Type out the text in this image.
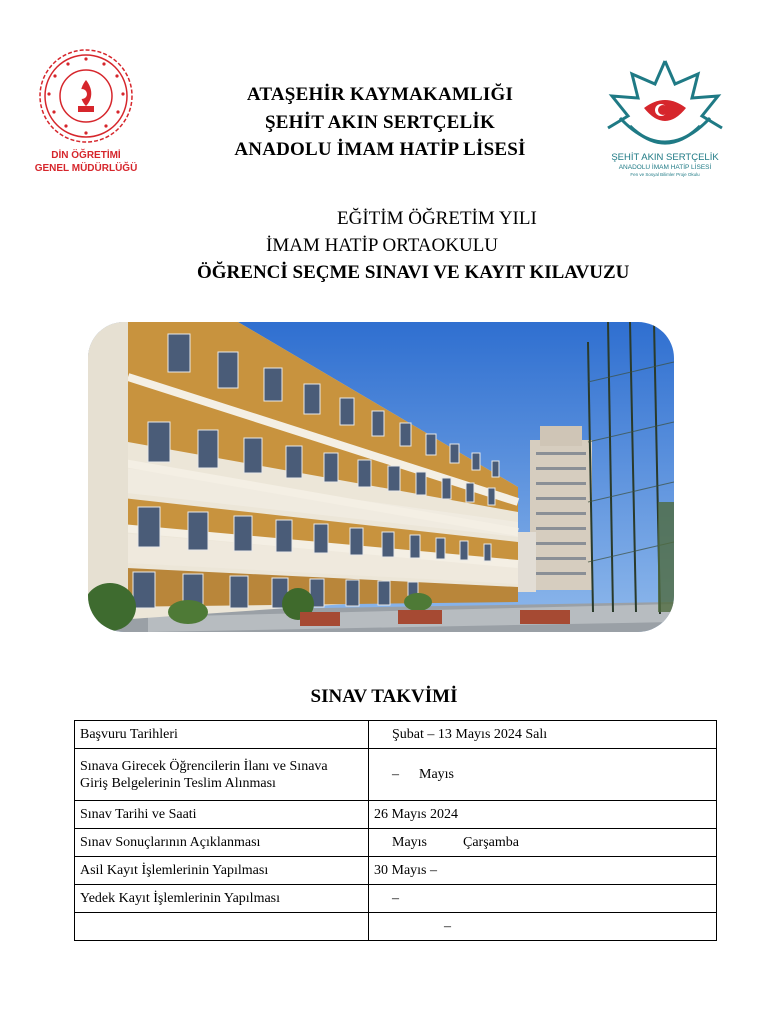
DİN ÖĞRETİMİ
GENEL MÜDÜRLÜĞÜ
ŞEHİT AKIN SERTÇELİK
ANADOLU İMAM HATİP LİSESİ
Fen ve Sosyal Bilimler Proje Okulu
ATAŞEHİR KAYMAKAMLIĞI
ŞEHİT AKIN SERTÇELİK
ANADOLU İMAM HATİP LİSESİ
EĞİTİM ÖĞRETİM YILI
İMAM HATİP ORTAOKULU
ÖĞRENCİ SEÇME SINAVI VE KAYIT KILAVUZU
SINAV TAKVİMİ
Başvuru Tarihleri	Şubat – 13 Mayıs 2024 Salı

Sınava Girecek Öğrencilerin İlanı ve Sınava
Giriş Belgelerinin Teslim Alınması	– Mayıs
Sınav Tarihi ve Saati	26 Mayıs 2024
Sınav Sonuçlarının Açıklanması	Mayıs Çarşamba
Asil Kayıt İşlemlerinin Yapılması	30 Mayıs –
Yedek Kayıt İşlemlerinin Yapılması	–
	–
